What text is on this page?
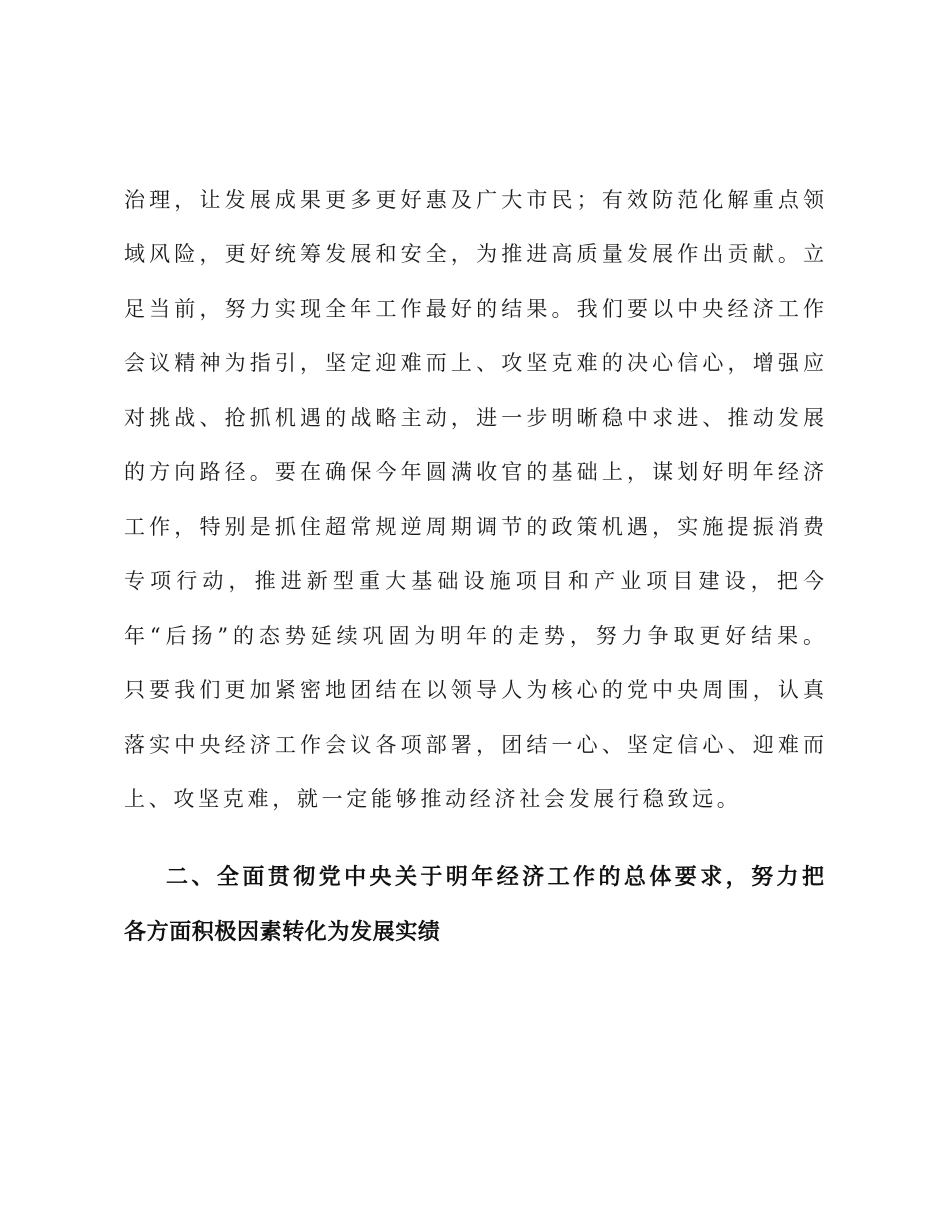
治理，让发展成果更多更好惠及广大市民；有效防范化解重点领
域风险，更好统筹发展和安全，为推进高质量发展作出贡献。立
足当前，努力实现全年工作最好的结果。我们要以中央经济工作
会议精神为指引，坚定迎难而上、攻坚克难的决心信心，增强应
对挑战、抢抓机遇的战略主动，进一步明晰稳中求进、推动发展
的方向路径。要在确保今年圆满收官的基础上，谋划好明年经济
工作，特别是抓住超常规逆周期调节的政策机遇，实施提振消费
专项行动，推进新型重大基础设施项目和产业项目建设，把今
年“后扬”的态势延续巩固为明年的走势，努力争取更好结果。
只要我们更加紧密地团结在以领导人为核心的党中央周围，认真
落实中央经济工作会议各项部署，团结一心、坚定信心、迎难而
上、攻坚克难，就一定能够推动经济社会发展行稳致远。
二、全面贯彻党中央关于明年经济工作的总体要求，努力把
各方面积极因素转化为发展实绩
